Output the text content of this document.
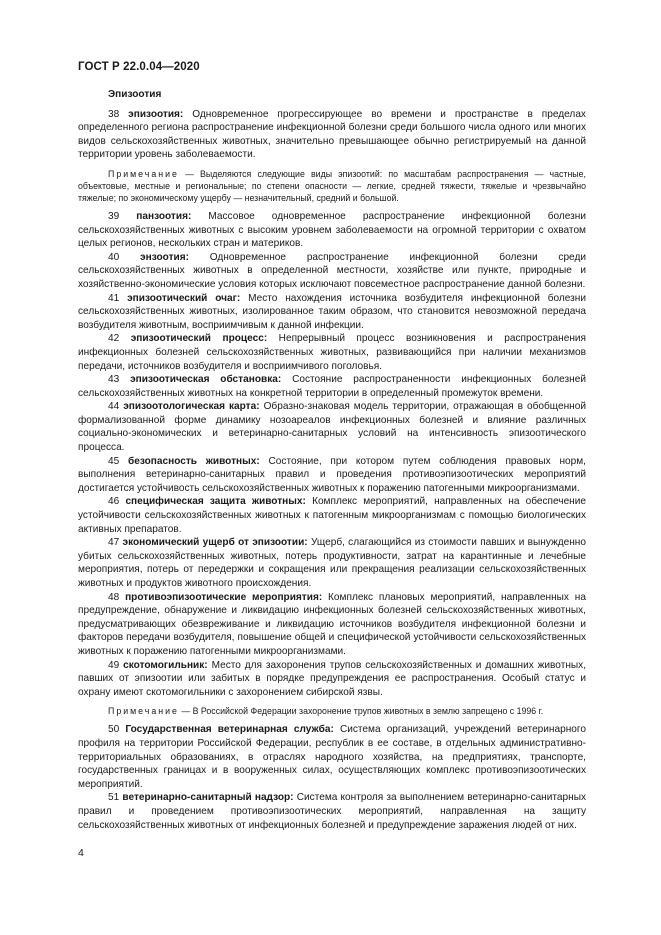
ГОСТ Р 22.0.04—2020
Эпизоотия

38 эпизоотия: Одновременное прогрессирующее во времени и пространстве в пределах определенного региона распространение инфекционной болезни среди большого числа одного или многих видов сельскохозяйственных животных, значительно превышающее обычно регистрируемый на данной территории уровень заболеваемости.

Примечание — Выделяются следующие виды эпизоотий: по масштабам распространения — частные, объектовые, местные и региональные; по степени опасности — легкие, средней тяжести, тяжелые и чрезвычайно тяжелые; по экономическому ущербу — незначительный, средний и большой.

39 панзоотия: Массовое одновременное распространение инфекционной болезни сельскохозяйственных животных с высоким уровнем заболеваемости на огромной территории с охватом целых регионов, нескольких стран и материков.

40 энзоотия: Одновременное распространение инфекционной болезни среди сельскохозяйственных животных в определенной местности, хозяйстве или пункте, природные и хозяйственно-экономические условия которых исключают повсеместное распространение данной болезни.

41 эпизоотический очаг: Место нахождения источника возбудителя инфекционной болезни сельскохозяйственных животных, изолированное таким образом, что становится невозможной передача возбудителя животным, восприимчивым к данной инфекции.

42 эпизоотический процесс: Непрерывный процесс возникновения и распространения инфекционных болезней сельскохозяйственных животных, развивающийся при наличии механизмов передачи, источников возбудителя и восприимчивого поголовья.

43 эпизоотическая обстановка: Состояние распространенности инфекционных болезней сельскохозяйственных животных на конкретной территории в определенный промежуток времени.

44 эпизоотологическая карта: Образно-знаковая модель территории, отражающая в обобщенной формализованной форме динамику нозоареалов инфекционных болезней и влияние различных социально-экономических и ветеринарно-санитарных условий на интенсивность эпизоотического процесса.

45 безопасность животных: Состояние, при котором путем соблюдения правовых норм, выполнения ветеринарно-санитарных правил и проведения противоэпизоотических мероприятий достигается устойчивость сельскохозяйственных животных к поражению патогенными микроорганизмами.

46 специфическая защита животных: Комплекс мероприятий, направленных на обеспечение устойчивости сельскохозяйственных животных к патогенным микроорганизмам с помощью биологических активных препаратов.

47 экономический ущерб от эпизоотии: Ущерб, слагающийся из стоимости павших и вынужденно убитых сельскохозяйственных животных, потерь продуктивности, затрат на карантинные и лечебные мероприятия, потерь от передержки и сокращения или прекращения реализации сельскохозяйственных животных и продуктов животного происхождения.

48 противоэпизоотические мероприятия: Комплекс плановых мероприятий, направленных на предупреждение, обнаружение и ликвидацию инфекционных болезней сельскохозяйственных животных, предусматривающих обезвреживание и ликвидацию источников возбудителя инфекционной болезни и факторов передачи возбудителя, повышение общей и специфической устойчивости сельскохозяйственных животных к поражению патогенными микроорганизмами.

49 скотомогильник: Место для захоронения трупов сельскохозяйственных и домашних животных, павших от эпизоотии или забитых в порядке предупреждения ее распространения. Особый статус и охрану имеют скотомогильники с захоронением сибирской язвы.

Примечание — В Российской Федерации захоронение трупов животных в землю запрещено с 1996 г.

50 Государственная ветеринарная служба: Система организаций, учреждений ветеринарного профиля на территории Российской Федерации, республик в ее составе, в отдельных административно-территориальных образованиях, в отраслях народного хозяйства, на предприятиях, транспорте, государственных границах и в вооруженных силах, осуществляющих комплекс противоэпизоотических мероприятий.

51 ветеринарно-санитарный надзор: Система контроля за выполнением ветеринарно-санитарных правил и проведением противоэпизоотических мероприятий, направленная на защиту сельскохозяйственных животных от инфекционных болезней и предупреждение заражения людей от них.

4
